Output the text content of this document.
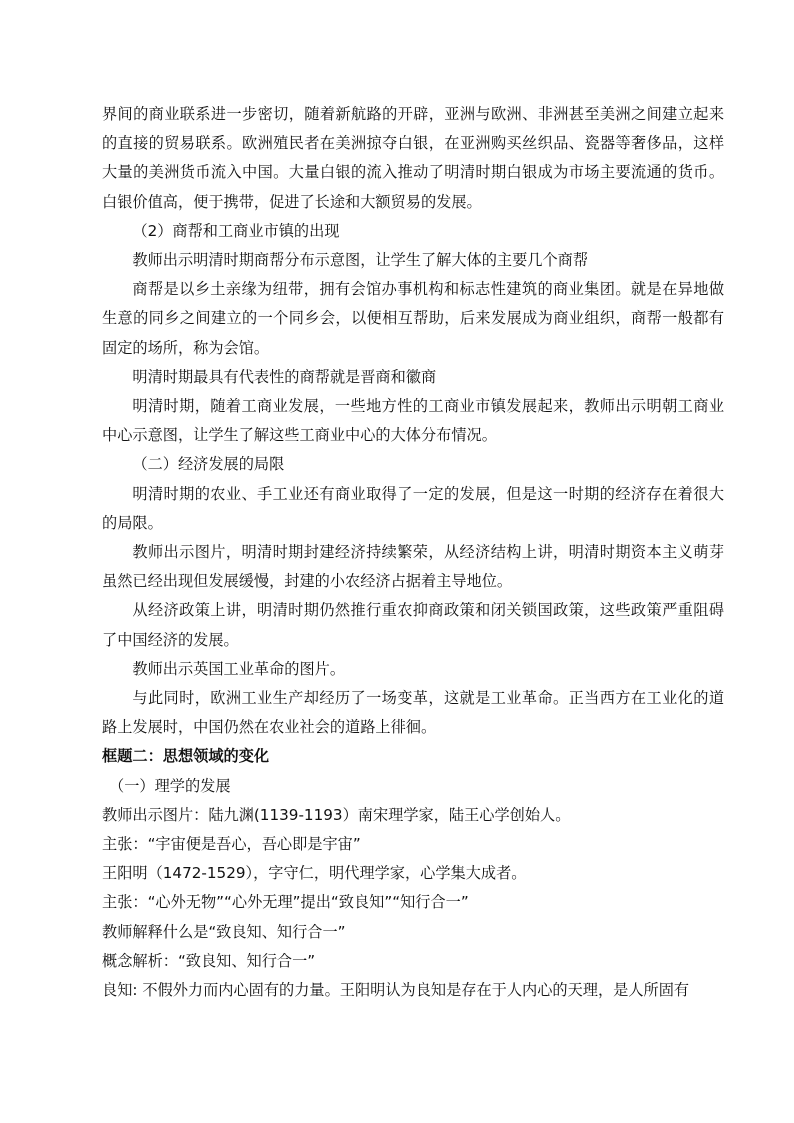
界间的商业联系进一步密切，随着新航路的开辟，亚洲与欧洲、非洲甚至美洲之间建立起来的直接的贸易联系。欧洲殖民者在美洲掠夺白银，在亚洲购买丝织品、瓷器等奢侈品，这样大量的美洲货币流入中国。大量白银的流入推动了明清时期白银成为市场主要流通的货币。白银价值高，便于携带，促进了长途和大额贸易的发展。

（2）商帮和工商业市镇的出现

教师出示明清时期商帮分布示意图，让学生了解大体的主要几个商帮

商帮是以乡土亲缘为纽带，拥有会馆办事机构和标志性建筑的商业集团。就是在异地做生意的同乡之间建立的一个同乡会，以便相互帮助，后来发展成为商业组织，商帮一般都有固定的场所，称为会馆。

明清时期最具有代表性的商帮就是晋商和徽商

明清时期，随着工商业发展，一些地方性的工商业市镇发展起来，教师出示明朝工商业中心示意图，让学生了解这些工商业中心的大体分布情况。

（二）经济发展的局限

明清时期的农业、手工业还有商业取得了一定的发展，但是这一时期的经济存在着很大的局限。

教师出示图片，明清时期封建经济持续繁荣，从经济结构上讲，明清时期资本主义萌芽虽然已经出现但发展缓慢，封建的小农经济占据着主导地位。

从经济政策上讲，明清时期仍然推行重农抑商政策和闭关锁国政策，这些政策严重阻碍了中国经济的发展。

教师出示英国工业革命的图片。

与此同时，欧洲工业生产却经历了一场变革，这就是工业革命。正当西方在工业化的道路上发展时，中国仍然在农业社会的道路上徘徊。

框题二：思想领域的变化

（一）理学的发展

教师出示图片：陆九渊(1139-1193）南宋理学家，陆王心学创始人。

主张：“宇宙便是吾心，吾心即是宇宙”

王阳明（1472-1529），字守仁，明代理学家，心学集大成者。

主张：“心外无物”“心外无理”提出“致良知”“知行合一”

教师解释什么是“致良知、知行合一”

概念解析：“致良知、知行合一”

良知: 不假外力而内心固有的力量。王阳明认为良知是存在于人内心的天理，是人所固有
